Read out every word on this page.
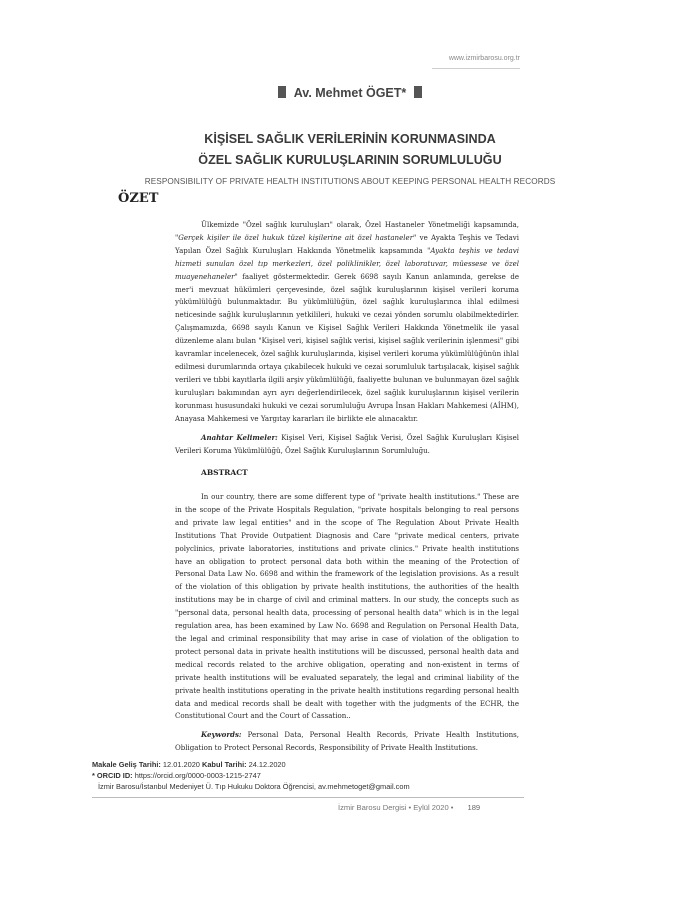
www.izmirbarosu.org.tr
Av. Mehmet ÖGET*
KİŞİSEL SAĞLIK VERİLERİNİN KORUNMASINDA
ÖZEL SAĞLIK KURULUŞLARININ SORUMLULUĞU
RESPONSIBILITY OF PRIVATE HEALTH INSTITUTIONS ABOUT KEEPING PERSONAL HEALTH RECORDS
ÖZET

Ülkemizde "Özel sağlık kuruluşları" olarak, Özel Hastaneler Yönetmeliği kapsamında, "Gerçek kişiler ile özel hukuk tüzel kişilerine ait özel hastaneler" ve Ayakta Teşhis ve Tedavi Yapılan Özel Sağlık Kuruluşları Hakkında Yönetmelik kapsamında "Ayakta teşhis ve tedavi hizmeti sunulan özel tıp merkezleri, özel poliklinikler, özel laboratuvar, müessese ve özel muayenehaneler" faaliyet göstermektedir. Gerek 6698 sayılı Kanun anlamında, gerekse de mer'i mevzuat hükümleri çerçevesinde, özel sağlık kuruluşlarının kişisel verileri koruma yükümlülüğü bulunmaktadır. Bu yükümlülüğün, özel sağlık kuruluşlarınca ihlal edilmesi neticesinde sağlık kuruluşlarının yetkilileri, hukuki ve cezai yönden sorumlu olabilmektedirler. Çalışmamızda, 6698 sayılı Kanun ve Kişisel Sağlık Verileri Hakkında Yönetmelik ile yasal düzenleme alanı bulan "Kişisel veri, kişisel sağlık verisi, kişisel sağlık verilerinin işlenmesi" gibi kavramlar incelenecek, özel sağlık kuruluşlarında, kişisel verileri koruma yükümlülüğünün ihlal edilmesi durumlarında ortaya çıkabilecek hukuki ve cezai sorumluluk tartışılacak, kişisel sağlık verileri ve tıbbi kayıtlarla ilgili arşiv yükümlülüğü, faaliyette bulunan ve bulunmayan özel sağlık kuruluşları bakımından ayrı ayrı değerlendirilecek, özel sağlık kuruluşlarının kişisel verilerin korunması hususundaki hukuki ve cezai sorumluluğu Avrupa İnsan Hakları Mahkemesi (AİHM), Anayasa Mahkemesi ve Yargıtay kararları ile birlikte ele alınacaktır.

Anahtar Kelimeler: Kişisel Veri, Kişisel Sağlık Verisi, Özel Sağlık Kuruluşları Kişisel Verileri Koruma Yükümlülüğü, Özel Sağlık Kuruluşlarının Sorumluluğu.

ABSTRACT

In our country, there are some different type of "private health institutions." These are in the scope of the Private Hospitals Regulation, "private hospitals belonging to real persons and private law legal entities" and in the scope of The Regulation About Private Health Institutions That Provide Outpatient Diagnosis and Care "private medical centers, private polyclinics, private laboratories, institutions and private clinics." Private health institutions have an obligation to protect personal data both within the meaning of the Protection of Personal Data Law No. 6698 and within the framework of the legislation provisions. As a result of the violation of this obligation by private health institutions, the authorities of the health institutions may be in charge of civil and criminal matters. In our study, the concepts such as "personal data, personal health data, processing of personal health data" which is in the legal regulation area, has been examined by Law No. 6698 and Regulation on Personal Health Data, the legal and criminal responsibility that may arise in case of violation of the obligation to protect personal data in private health institutions will be discussed, personal health data and medical records related to the archive obligation, operating and non-existent in terms of private health institutions will be evaluated separately, the legal and criminal liability of the private health institutions operating in the private health institutions regarding personal health data and medical records shall be dealt with together with the judgments of the ECHR, the Constitutional Court and the Court of Cassation..

Keywords: Personal Data, Personal Health Records, Private Health Institutions, Obligation to Protect Personal Records, Responsibility of Private Health Institutions.

Makale Geliş Tarihi: 12.01.2020 Kabul Tarihi: 24.12.2020
* ORCID ID: https://orcid.org/0000-0003-1215-2747
İzmir Barosu/İstanbul Medeniyet Ü. Tıp Hukuku Doktora Öğrencisi, av.mehmetoget@gmail.com
İzmir Barosu Dergisi • Eylül 2020 • 189
